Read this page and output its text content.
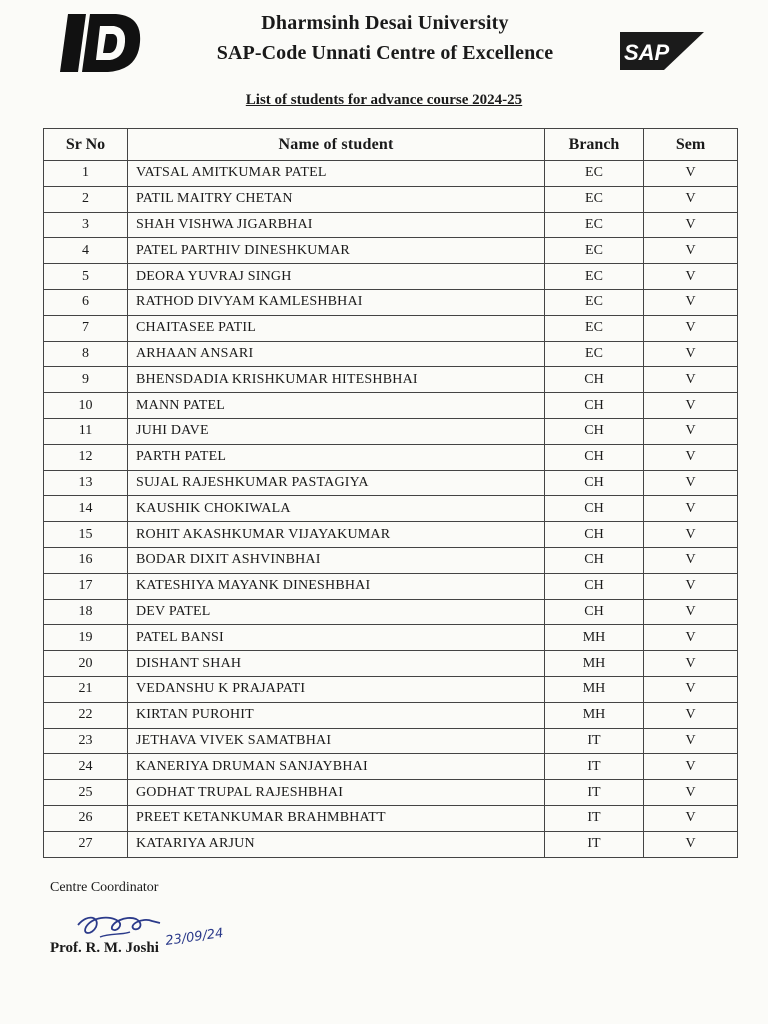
Dharmsinh Desai University
SAP-Code Unnati Centre of Excellence	SAP
List of students for advance course 2024-25
Sr No	Name of student	Branch	Sem
1	VATSAL AMITKUMAR PATEL	EC	V
2	PATIL MAITRY CHETAN	EC	V
3	SHAH VISHWA JIGARBHAI	EC	V
4	PATEL PARTHIV DINESHKUMAR	EC	V
5	DEORA YUVRAJ SINGH	EC	V
6	RATHOD DIVYAM KAMLESHBHAI	EC	V
7	CHAITASEE PATIL	EC	V
8	ARHAAN ANSARI	EC	V
9	BHENSDADIA KRISHKUMAR HITESHBHAI	CH	V
10	MANN PATEL	CH	V
11	JUHI DAVE	CH	V
12	PARTH PATEL	CH	V
13	SUJAL RAJESHKUMAR PASTAGIYA	CH	V
14	KAUSHIK CHOKIWALA	CH	V
15	ROHIT AKASHKUMAR VIJAYAKUMAR	CH	V
16	BODAR DIXIT ASHVINBHAI	CH	V
17	KATESHIYA MAYANK DINESHBHAI	CH	V
18	DEV PATEL	CH	V
19	PATEL BANSI	MH	V
20	DISHANT SHAH	MH	V
21	VEDANSHU K PRAJAPATI	MH	V
22	KIRTAN PUROHIT	MH	V
23	JETHAVA VIVEK SAMATBHAI	IT	V
24	KANERIYA DRUMAN SANJAYBHAI	IT	V
25	GODHAT TRUPAL RAJESHBHAI	IT	V
26	PREET KETANKUMAR BRAHMBHATT	IT	V
27	KATARIYA ARJUN	IT	V
Centre Coordinator
23/09/24
Prof. R. M. Joshi
